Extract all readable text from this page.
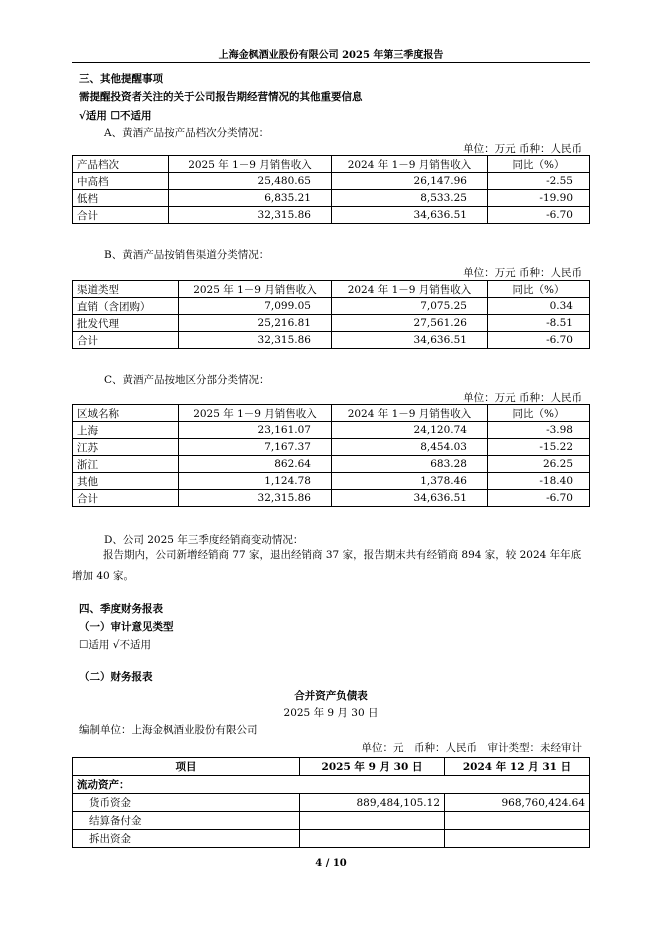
上海金枫酒业股份有限公司 2025 年第三季度报告
三、其他提醒事项
需提醒投资者关注的关于公司报告期经营情况的其他重要信息
√适用 ☐不适用
A、黄酒产品按产品档次分类情况：
单位：万元 币种：人民币
产品档次	2025 年 1－9 月销售收入	2024 年 1－9 月销售收入	同比（%）
中高档	25,480.65	26,147.96	-2.55
低档	6,835.21	8,533.25	-19.90
合计	32,315.86	34,636.51	-6.70
B、黄酒产品按销售渠道分类情况：
单位：万元 币种：人民币
渠道类型	2025 年 1－9 月销售收入	2024 年 1－9 月销售收入	同比（%）
直销（含团购）	7,099.05	7,075.25	0.34
批发代理	25,216.81	27,561.26	-8.51
合计	32,315.86	34,636.51	-6.70
C、黄酒产品按地区分部分类情况：
单位：万元 币种：人民币
区域名称	2025 年 1－9 月销售收入	2024 年 1－9 月销售收入	同比（%）
上海	23,161.07	24,120.74	-3.98
江苏	7,167.37	8,454.03	-15.22
浙江	862.64	683.28	26.25
其他	1,124.78	1,378.46	-18.40
合计	32,315.86	34,636.51	-6.70
D、公司 2025 年三季度经销商变动情况：
报告期内，公司新增经销商 77 家，退出经销商 37 家，报告期末共有经销商 894 家，较 2024 年年底增加 40 家。
四、季度财务报表
（一）审计意见类型
☐适用 √不适用
（二）财务报表
合并资产负债表
2025 年 9 月 30 日
编制单位：上海金枫酒业股份有限公司
单位：元　币种：人民币　审计类型：未经审计
项目	2025 年 9 月 30 日	2024 年 12 月 31 日
流动资产：		
货币资金	889,484,105.12	968,760,424.64
结算备付金		
拆出资金		
4 / 10
